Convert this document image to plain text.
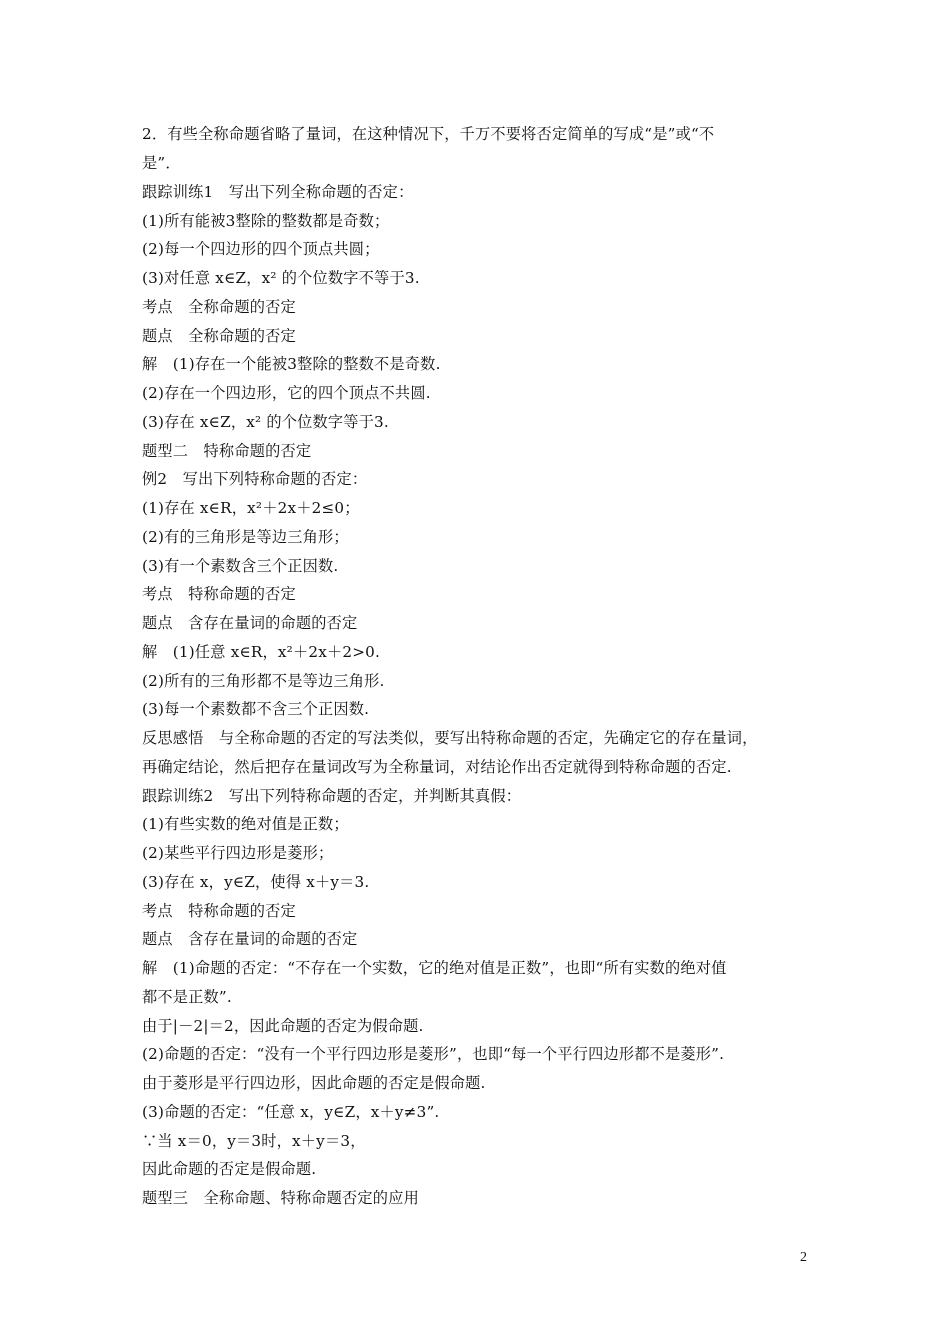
2．有些全称命题省略了量词，在这种情况下，千万不要将否定简单的写成“是”或“不
是”．
跟踪训练1　写出下列全称命题的否定：
(1)所有能被3整除的整数都是奇数；
(2)每一个四边形的四个顶点共圆；
(3)对任意 x∈Z，x² 的个位数字不等于3.
考点　全称命题的否定
题点　全称命题的否定
解　(1)存在一个能被3整除的整数不是奇数.
(2)存在一个四边形，它的四个顶点不共圆.
(3)存在 x∈Z，x² 的个位数字等于3.
题型二　特称命题的否定
例2　写出下列特称命题的否定：
(1)存在 x∈R，x²＋2x＋2≤0；
(2)有的三角形是等边三角形；
(3)有一个素数含三个正因数.
考点　特称命题的否定
题点　含存在量词的命题的否定
解　(1)任意 x∈R，x²＋2x＋2>0.
(2)所有的三角形都不是等边三角形.
(3)每一个素数都不含三个正因数.
反思感悟　与全称命题的否定的写法类似，要写出特称命题的否定，先确定它的存在量词，
再确定结论，然后把存在量词改写为全称量词，对结论作出否定就得到特称命题的否定.
跟踪训练2　写出下列特称命题的否定，并判断其真假：
(1)有些实数的绝对值是正数；
(2)某些平行四边形是菱形；
(3)存在 x，y∈Z，使得 x＋y＝3.
考点　特称命题的否定
题点　含存在量词的命题的否定
解　(1)命题的否定：“不存在一个实数，它的绝对值是正数”，也即“所有实数的绝对值
都不是正数”.
由于|－2|＝2，因此命题的否定为假命题.
(2)命题的否定：“没有一个平行四边形是菱形”，也即“每一个平行四边形都不是菱形”.
由于菱形是平行四边形，因此命题的否定是假命题.
(3)命题的否定：“任意 x，y∈Z，x＋y≠3”.
∵当 x＝0，y＝3时，x＋y＝3，
因此命题的否定是假命题.
题型三　全称命题、特称命题否定的应用
2
